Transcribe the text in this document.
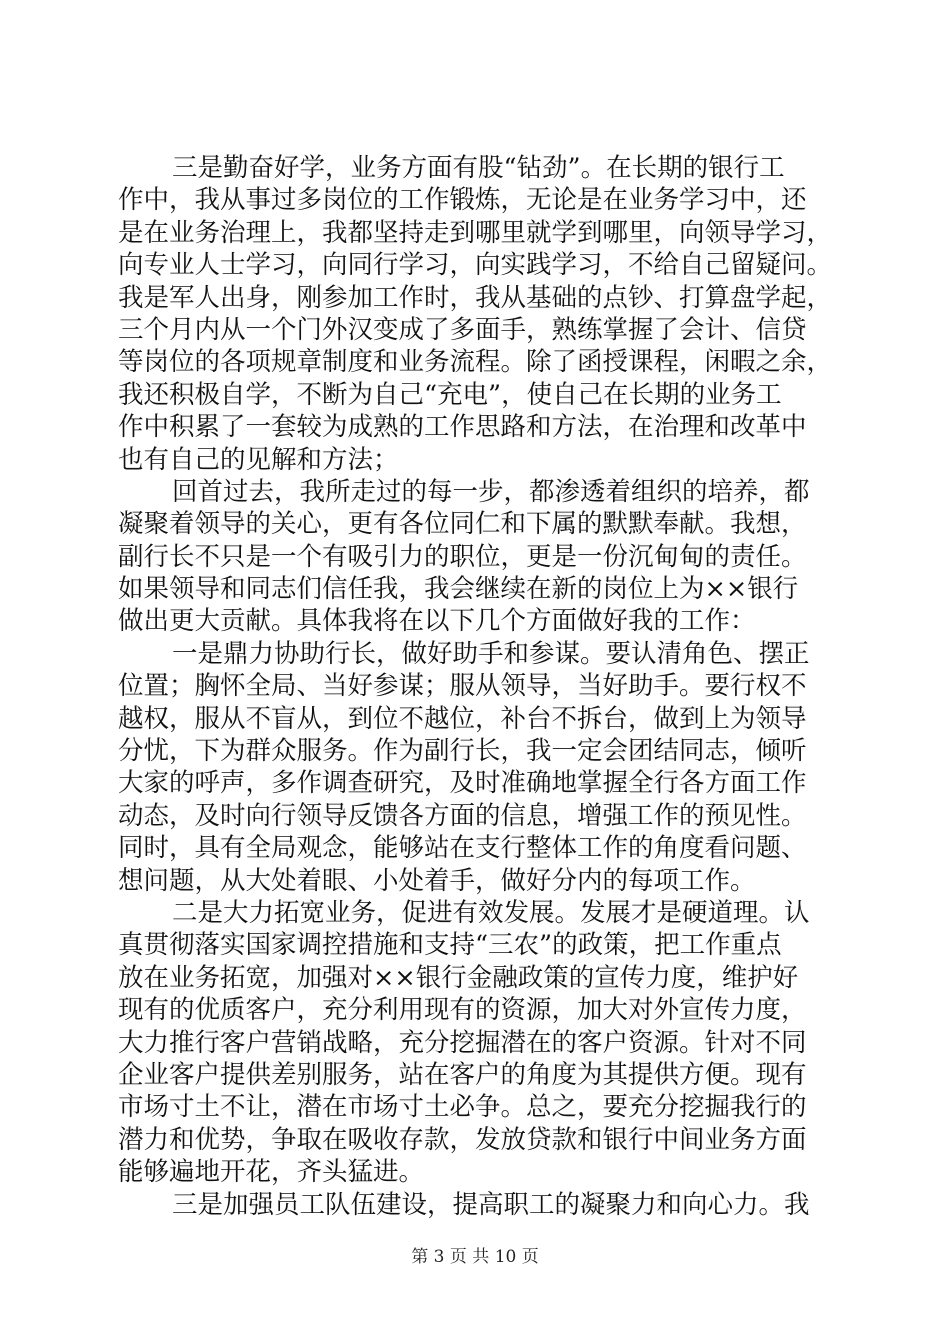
三是勤奋好学，业务方面有股“钻劲”。在长期的银行工
作中，我从事过多岗位的工作锻炼，无论是在业务学习中，还
是在业务治理上，我都坚持走到哪里就学到哪里，向领导学习，
向专业人士学习，向同行学习，向实践学习，不给自己留疑问。
我是军人出身，刚参加工作时，我从基础的点钞、打算盘学起，
三个月内从一个门外汉变成了多面手，熟练掌握了会计、信贷
等岗位的各项规章制度和业务流程。除了函授课程，闲暇之余，
我还积极自学，不断为自己“充电”，使自己在长期的业务工
作中积累了一套较为成熟的工作思路和方法，在治理和改革中
也有自己的见解和方法；
回首过去，我所走过的每一步，都渗透着组织的培养，都
凝聚着领导的关心，更有各位同仁和下属的默默奉献。我想，
副行长不只是一个有吸引力的职位，更是一份沉甸甸的责任。
如果领导和同志们信任我，我会继续在新的岗位上为××银行
做出更大贡献。具体我将在以下几个方面做好我的工作：
一是鼎力协助行长，做好助手和参谋。要认清角色、摆正
位置；胸怀全局、当好参谋；服从领导，当好助手。要行权不
越权，服从不盲从，到位不越位，补台不拆台，做到上为领导
分忧，下为群众服务。作为副行长，我一定会团结同志，倾听
大家的呼声，多作调查研究，及时准确地掌握全行各方面工作
动态，及时向行领导反馈各方面的信息，增强工作的预见性。
同时，具有全局观念，能够站在支行整体工作的角度看问题、
想问题，从大处着眼、小处着手，做好分内的每项工作。
二是大力拓宽业务，促进有效发展。发展才是硬道理。认
真贯彻落实国家调控措施和支持“三农”的政策，把工作重点
放在业务拓宽，加强对××银行金融政策的宣传力度，维护好
现有的优质客户，充分利用现有的资源，加大对外宣传力度，
大力推行客户营销战略，充分挖掘潜在的客户资源。针对不同
企业客户提供差别服务，站在客户的角度为其提供方便。现有
市场寸土不让，潜在市场寸土必争。总之，要充分挖掘我行的
潜力和优势，争取在吸收存款，发放贷款和银行中间业务方面
能够遍地开花，齐头猛进。
三是加强员工队伍建设，提高职工的凝聚力和向心力。我
第 3 页 共 10 页
